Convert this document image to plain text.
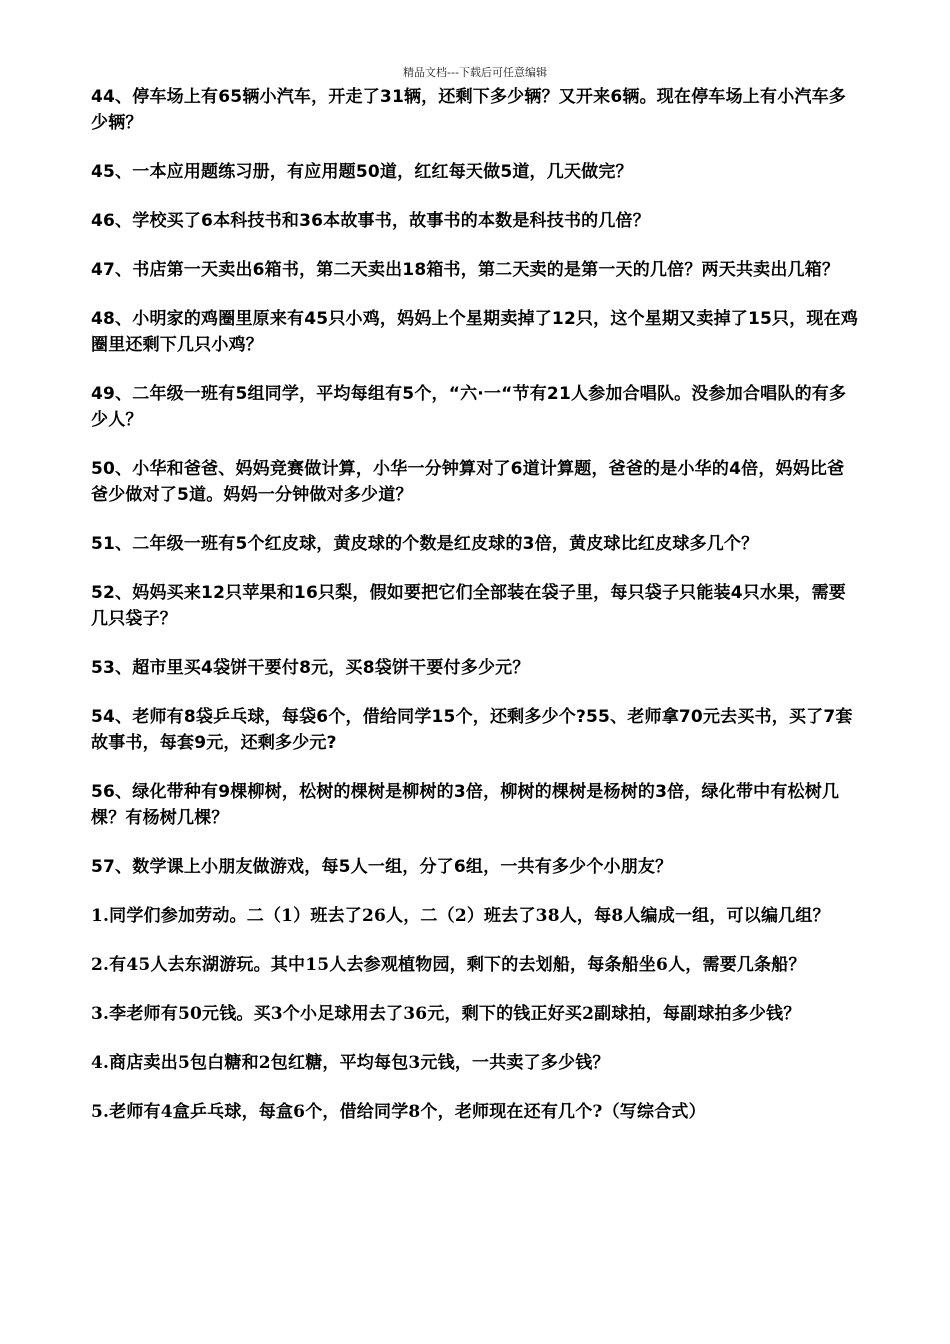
精品文档---下载后可任意编辑

44、停车场上有65辆小汽车，开走了31辆，还剩下多少辆？又开来6辆。现在停车场上有小汽车多少辆？

45、一本应用题练习册，有应用题50道，红红每天做5道，几天做完？

46、学校买了6本科技书和36本故事书，故事书的本数是科技书的几倍？

47、书店第一天卖出6箱书，第二天卖出18箱书，第二天卖的是第一天的几倍？两天共卖出几箱？

48、小明家的鸡圈里原来有45只小鸡，妈妈上个星期卖掉了12只，这个星期又卖掉了15只，现在鸡圈里还剩下几只小鸡？

49、二年级一班有5组同学，平均每组有5个，“六·一“节有21人参加合唱队。没参加合唱队的有多少人？

50、小华和爸爸、妈妈竞赛做计算，小华一分钟算对了6道计算题，爸爸的是小华的4倍，妈妈比爸爸少做对了5道。妈妈一分钟做对多少道？

51、二年级一班有5个红皮球，黄皮球的个数是红皮球的3倍，黄皮球比红皮球多几个？

52、妈妈买来12只苹果和16只梨，假如要把它们全部装在袋子里，每只袋子只能装4只水果，需要几只袋子？

53、超市里买4袋饼干要付8元，买8袋饼干要付多少元？

54、老师有8袋乒乓球，每袋6个，借给同学15个，还剩多少个?55、老师拿70元去买书，买了7套故事书，每套9元，还剩多少元?

56、绿化带种有9棵柳树，松树的棵树是柳树的3倍，柳树的棵树是杨树的3倍，绿化带中有松树几棵？有杨树几棵？

57、数学课上小朋友做游戏，每5人一组，分了6组，一共有多少个小朋友？

1.同学们参加劳动。二（1）班去了26人，二（2）班去了38人，每8人编成一组，可以编几组？

2.有45人去东湖游玩。其中15人去参观植物园，剩下的去划船，每条船坐6人，需要几条船？

3.李老师有50元钱。买3个小足球用去了36元，剩下的钱正好买2副球拍，每副球拍多少钱？

4.商店卖出5包白糖和2包红糖，平均每包3元钱，一共卖了多少钱？

5.老师有4盒乒乓球，每盒6个，借给同学8个，老师现在还有几个?（写综合式）
